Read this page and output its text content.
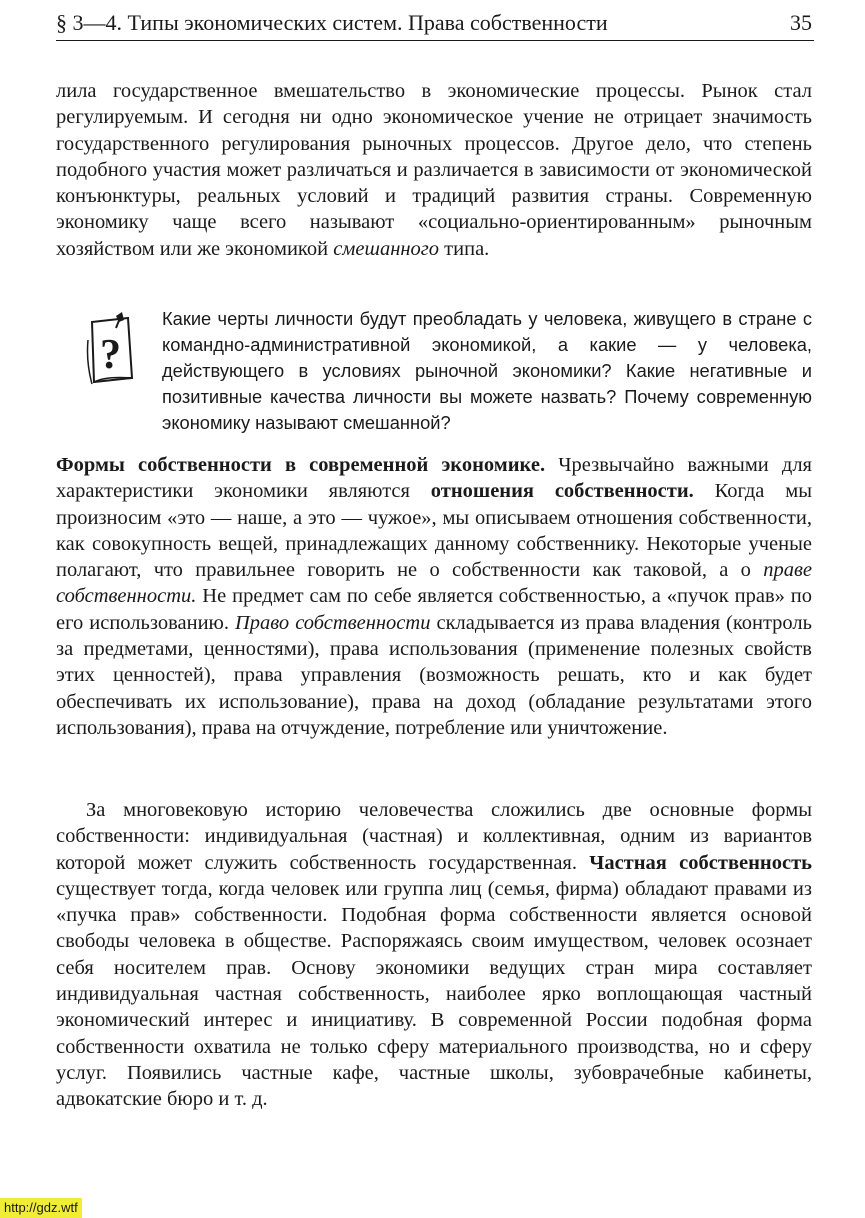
§ 3—4. Типы экономических систем. Права собственности	35

лила государственное вмешательство в экономические процессы. Рынок стал регулируемым. И сегодня ни одно экономическое учение не отрицает значимость государственного регулирования рыночных процессов. Другое дело, что степень подобного участия может различаться и различается в зависимости от экономической конъюнктуры, реальных условий и традиций развития страны. Современную экономику чаще всего называют «социально-ориентированным» рыночным хозяйством или же экономикой смешанного типа.

?

Какие черты личности будут преобладать у человека, живущего в стране с командно-административной экономикой, а какие — у человека, действующего в условиях рыночной экономики? Какие негативные и позитивные качества личности вы можете назвать? Почему современную экономику называют смешанной?

Формы собственности в современной экономике. Чрезвычайно важными для характеристики экономики являются отношения собственности. Когда мы произносим «это — наше, а это — чужое», мы описываем отношения собственности, как совокупность вещей, принадлежащих данному собственнику. Некоторые ученые полагают, что правильнее говорить не о собственности как таковой, а о праве собственности. Не предмет сам по себе является собственностью, а «пучок прав» по его использованию. Право собственности складывается из права владения (контроль за предметами, ценностями), права использования (применение полезных свойств этих ценностей), права управления (возможность решать, кто и как будет обеспечивать их использование), права на доход (обладание результатами этого использования), права на отчуждение, потребление или уничтожение.

За многовековую историю человечества сложились две основные формы собственности: индивидуальная (частная) и коллективная, одним из вариантов которой может служить собственность государственная. Частная собственность существует тогда, когда человек или группа лиц (семья, фирма) обладают правами из «пучка прав» собственности. Подобная форма собственности является основой свободы человека в обществе. Распоряжаясь своим имуществом, человек осознает себя носителем прав. Основу экономики ведущих стран мира составляет индивидуальная частная собственность, наиболее ярко воплощающая частный экономический интерес и инициативу. В современной России подобная форма собственности охватила не только сферу материального производства, но и сферу услуг. Появились частные кафе, частные школы, зубоврачебные кабинеты, адвокатские бюро и т. д.

http://gdz.wtf
